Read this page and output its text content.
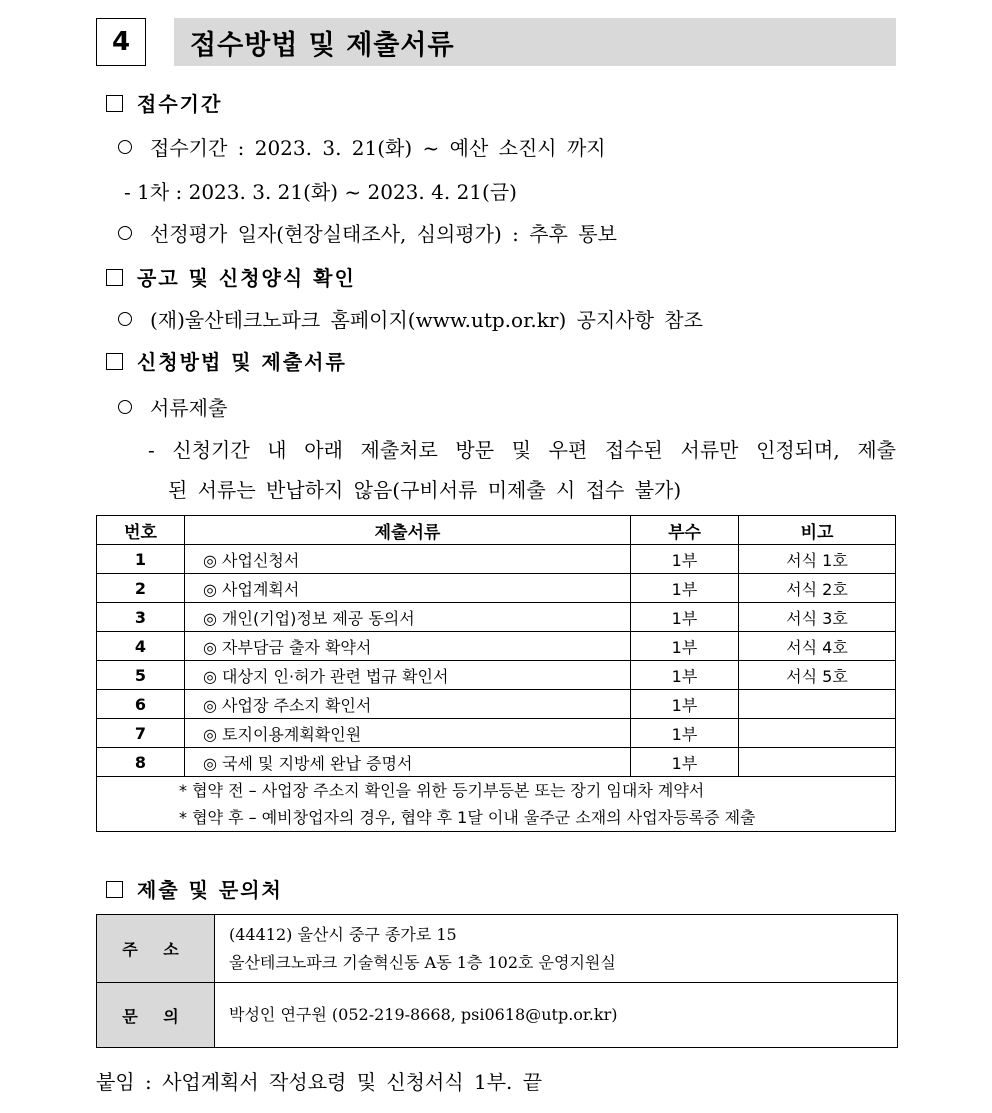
4	접수방법 및 제출서류
접수기간
접수기간 : 2023. 3. 21(화) ~ 예산 소진시 까지
- 1차 : 2023. 3. 21(화) ~ 2023. 4. 21(금)
선정평가 일자(현장실태조사, 심의평가) : 추후 통보
공고 및 신청양식 확인
(재)울산테크노파크 홈페이지(www.utp.or.kr) 공지사항 참조
신청방법 및 제출서류
서류제출
- 신청기간 내 아래 제출처로 방문 및 우편 접수된 서류만 인정되며, 제출
된 서류는 반납하지 않음(구비서류 미제출 시 접수 불가)
번호	제출서류	부수	비고
1	◎ 사업신청서	1부	서식 1호
2	◎ 사업계획서	1부	서식 2호
3	◎ 개인(기업)정보 제공 동의서	1부	서식 3호
4	◎ 자부담금 출자 확약서	1부	서식 4호
5	◎ 대상지 인·허가 관련 법규 확인서	1부	서식 5호
6	◎ 사업장 주소지 확인서	1부	
7	◎ 토지이용계획확인원	1부	
8	◎ 국세 및 지방세 완납 증명서	1부	

* 협약 전 – 사업장 주소지 확인을 위한 등기부등본 또는 장기 임대차 계약서
* 협약 후 – 예비창업자의 경우, 협약 후 1달 이내 울주군 소재의 사업자등록증 제출			
제출 및 문의처
주 소	(44412) 울산시 중구 종가로 15
울산테크노파크 기술혁신동 A동 1층 102호 운영지원실

문 의	박성인 연구원 (052-219-8668, psi0618@utp.or.kr)
붙임 : 사업계획서 작성요령 및 신청서식 1부. 끝
